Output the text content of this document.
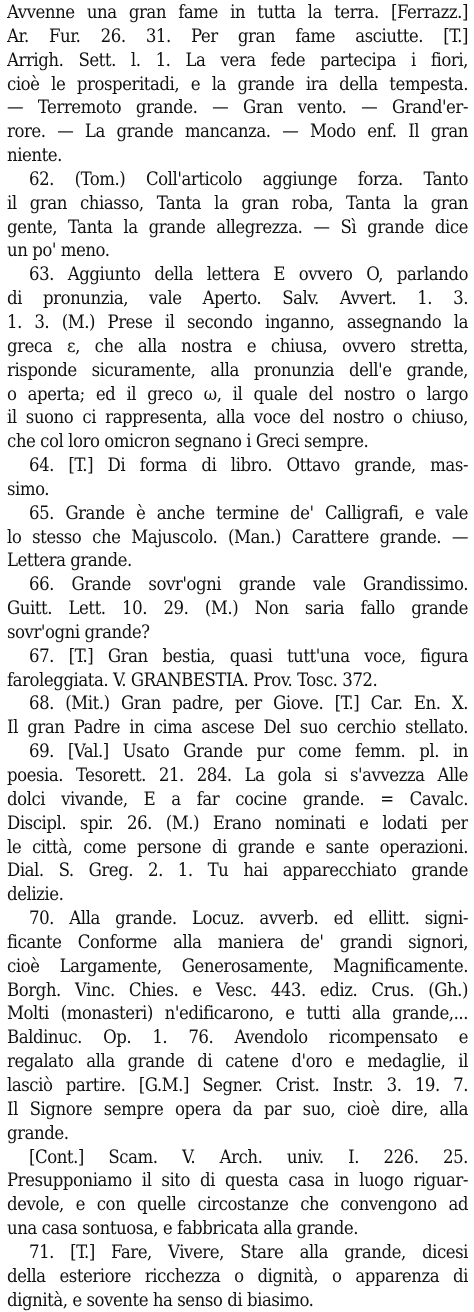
Avvenne una gran fame in tutta la terra. [Ferrazz.]
Ar. Fur. 26. 31. Per gran fame asciutte. [T.]
Arrigh. Sett. l. 1. La vera fede partecipa i fiori,
cioè le prosperitadi, e la grande ira della tempesta.
— Terremoto grande. — Gran vento. — Grand'er-
rore. — La grande mancanza. — Modo enf. Il gran
niente.
62. (Tom.) Coll'articolo aggiunge forza. Tanto
il gran chiasso, Tanta la gran roba, Tanta la gran
gente, Tanta la grande allegrezza. — Sì grande dice
un po' meno.
63. Aggiunto della lettera E ovvero O, parlando
di pronunzia, vale Aperto. Salv. Avvert. 1. 3.
1. 3. (M.) Prese il secondo inganno, assegnando la
greca ε, che alla nostra e chiusa, ovvero stretta,
risponde sicuramente, alla pronunzia dell'e grande,
o aperta; ed il greco ω, il quale del nostro o largo
il suono ci rappresenta, alla voce del nostro o chiuso,
che col loro omicron segnano i Greci sempre.
64. [T.] Di forma di libro. Ottavo grande, mas-
simo.
65. Grande è anche termine de' Calligrafi, e vale
lo stesso che Majuscolo. (Man.) Carattere grande. —
Lettera grande.
66. Grande sovr'ogni grande vale Grandissimo.
Guitt. Lett. 10. 29. (M.) Non saria fallo grande
sovr'ogni grande?
67. [T.] Gran bestia, quasi tutt'una voce, figura
faroleggiata. V. GRANBESTIA. Prov. Tosc. 372.
68. (Mit.) Gran padre, per Giove. [T.] Car. En. X.
Il gran Padre in cima ascese Del suo cerchio stellato.
69. [Val.] Usato Grande pur come femm. pl. in
poesia. Tesorett. 21. 284. La gola si s'avvezza Alle
dolci vivande, E a far cocine grande. = Cavalc.
Discipl. spir. 26. (M.) Erano nominati e lodati per
le città, come persone di grande e sante operazioni.
Dial. S. Greg. 2. 1. Tu hai apparecchiato grande
delizie.
70. Alla grande. Locuz. avverb. ed ellitt. signi-
ficante Conforme alla maniera de' grandi signori,
cioè Largamente, Generosamente, Magnificamente.
Borgh. Vinc. Chies. e Vesc. 443. ediz. Crus. (Gh.)
Molti (monasteri) n'edificarono, e tutti alla grande,...
Baldinuc. Op. 1. 76. Avendolo ricompensato e
regalato alla grande di catene d'oro e medaglie, il
lasciò partire. [G.M.] Segner. Crist. Instr. 3. 19. 7.
Il Signore sempre opera da par suo, cioè dire, alla
grande.
[Cont.] Scam. V. Arch. univ. I. 226. 25.
Presupponiamo il sito di questa casa in luogo riguar-
devole, e con quelle circostanze che convengono ad
una casa sontuosa, e fabbricata alla grande.
71. [T.] Fare, Vivere, Stare alla grande, dicesi
della esteriore ricchezza o dignità, o apparenza di
dignità, e sovente ha senso di biasimo.
